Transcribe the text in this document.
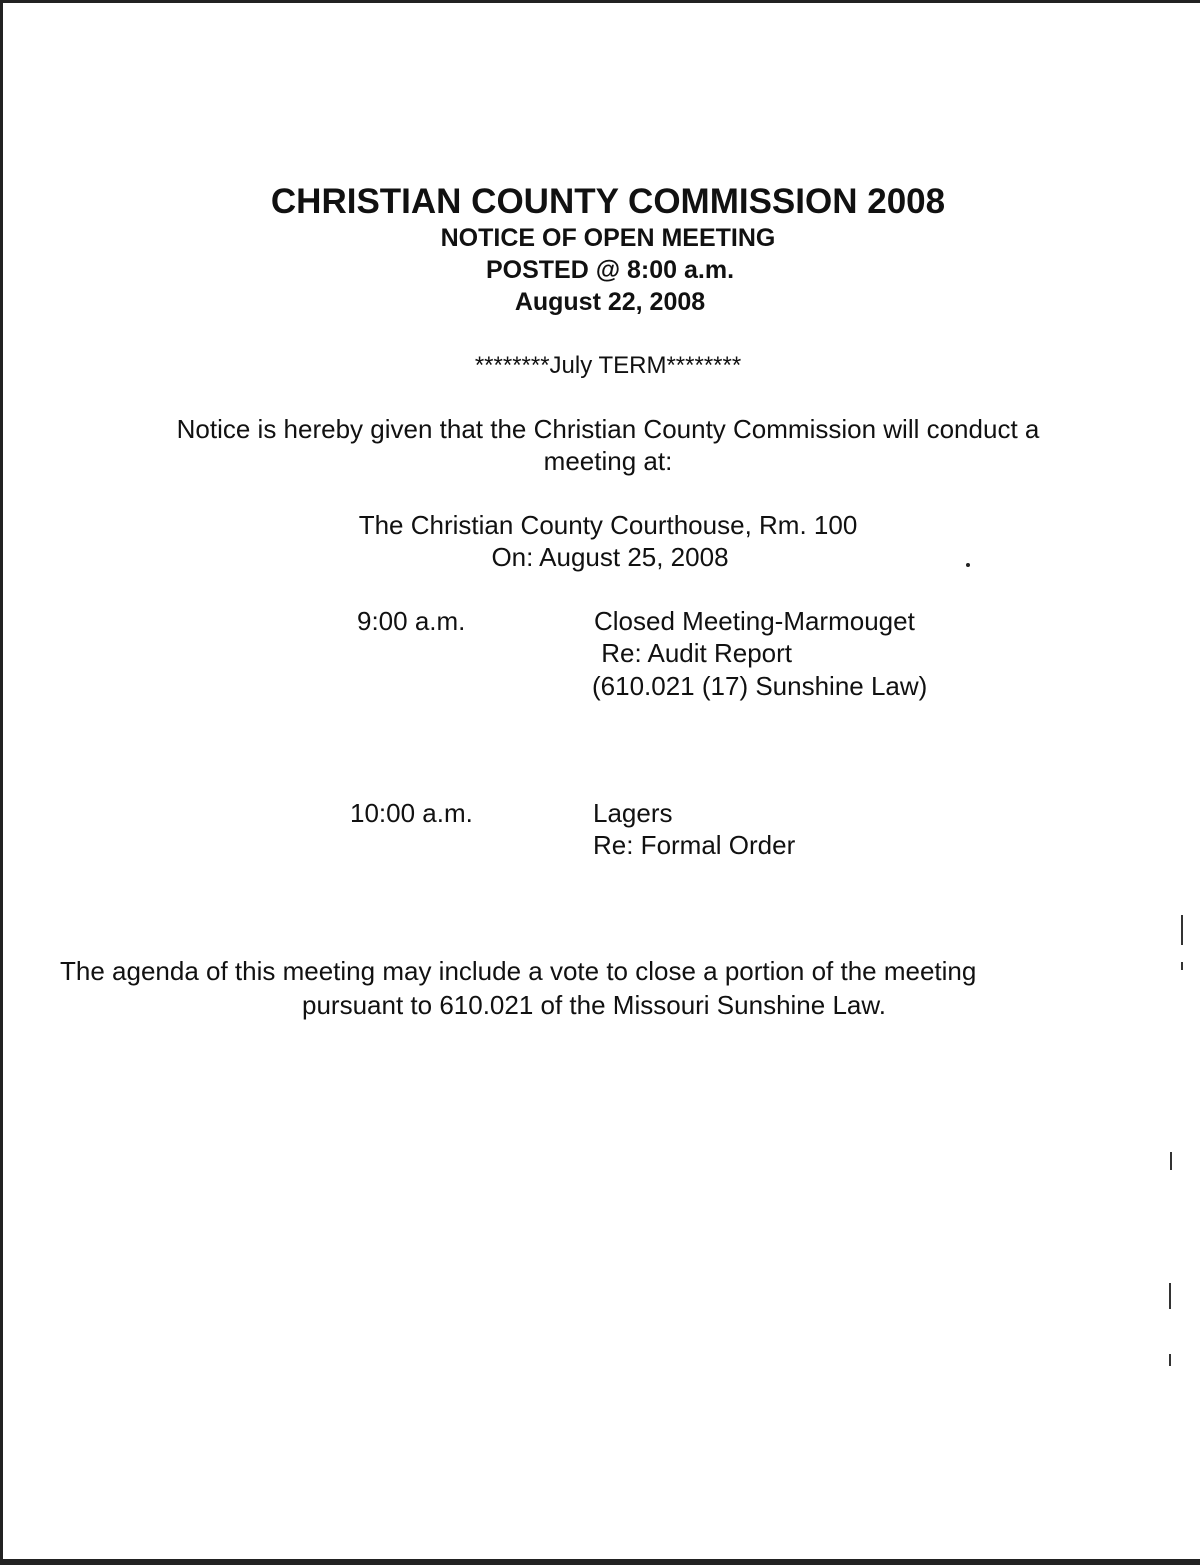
CHRISTIAN COUNTY COMMISSION 2008
NOTICE OF OPEN MEETING
POSTED @ 8:00 a.m.
August 22, 2008
********July TERM********
Notice is hereby given that the Christian County Commission will conduct a
meeting at:
The Christian County Courthouse, Rm. 100
On: August 25, 2008
9:00 a.m.	Closed Meeting-Marmouget
Re: Audit Report
(610.021 (17) Sunshine Law)
10:00 a.m.	Lagers
Re: Formal Order
The agenda of this meeting may include a vote to close a portion of the meeting
pursuant to 610.021 of the Missouri Sunshine Law.
